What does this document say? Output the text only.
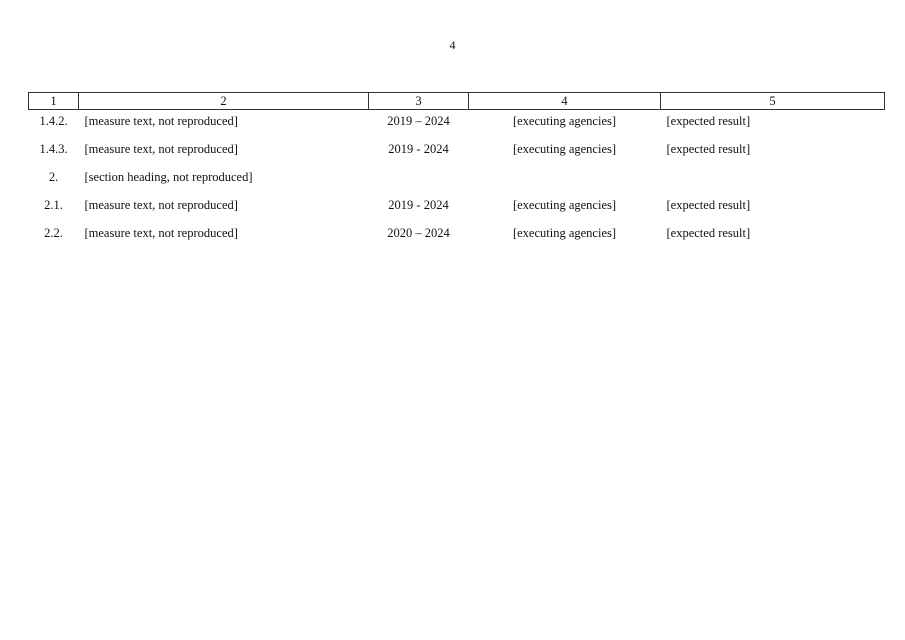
4
1	2	3	4	5
1.4.2.	[measure text, not reproduced]	2019 – 2024	[executing agencies]	[expected result]
1.4.3.	[measure text, not reproduced]	2019 - 2024	[executing agencies]	[expected result]
2.	[section heading, not reproduced]			
2.1.	[measure text, not reproduced]	2019 - 2024	[executing agencies]	[expected result]
2.2.	[measure text, not reproduced]	2020 – 2024	[executing agencies]	[expected result]
